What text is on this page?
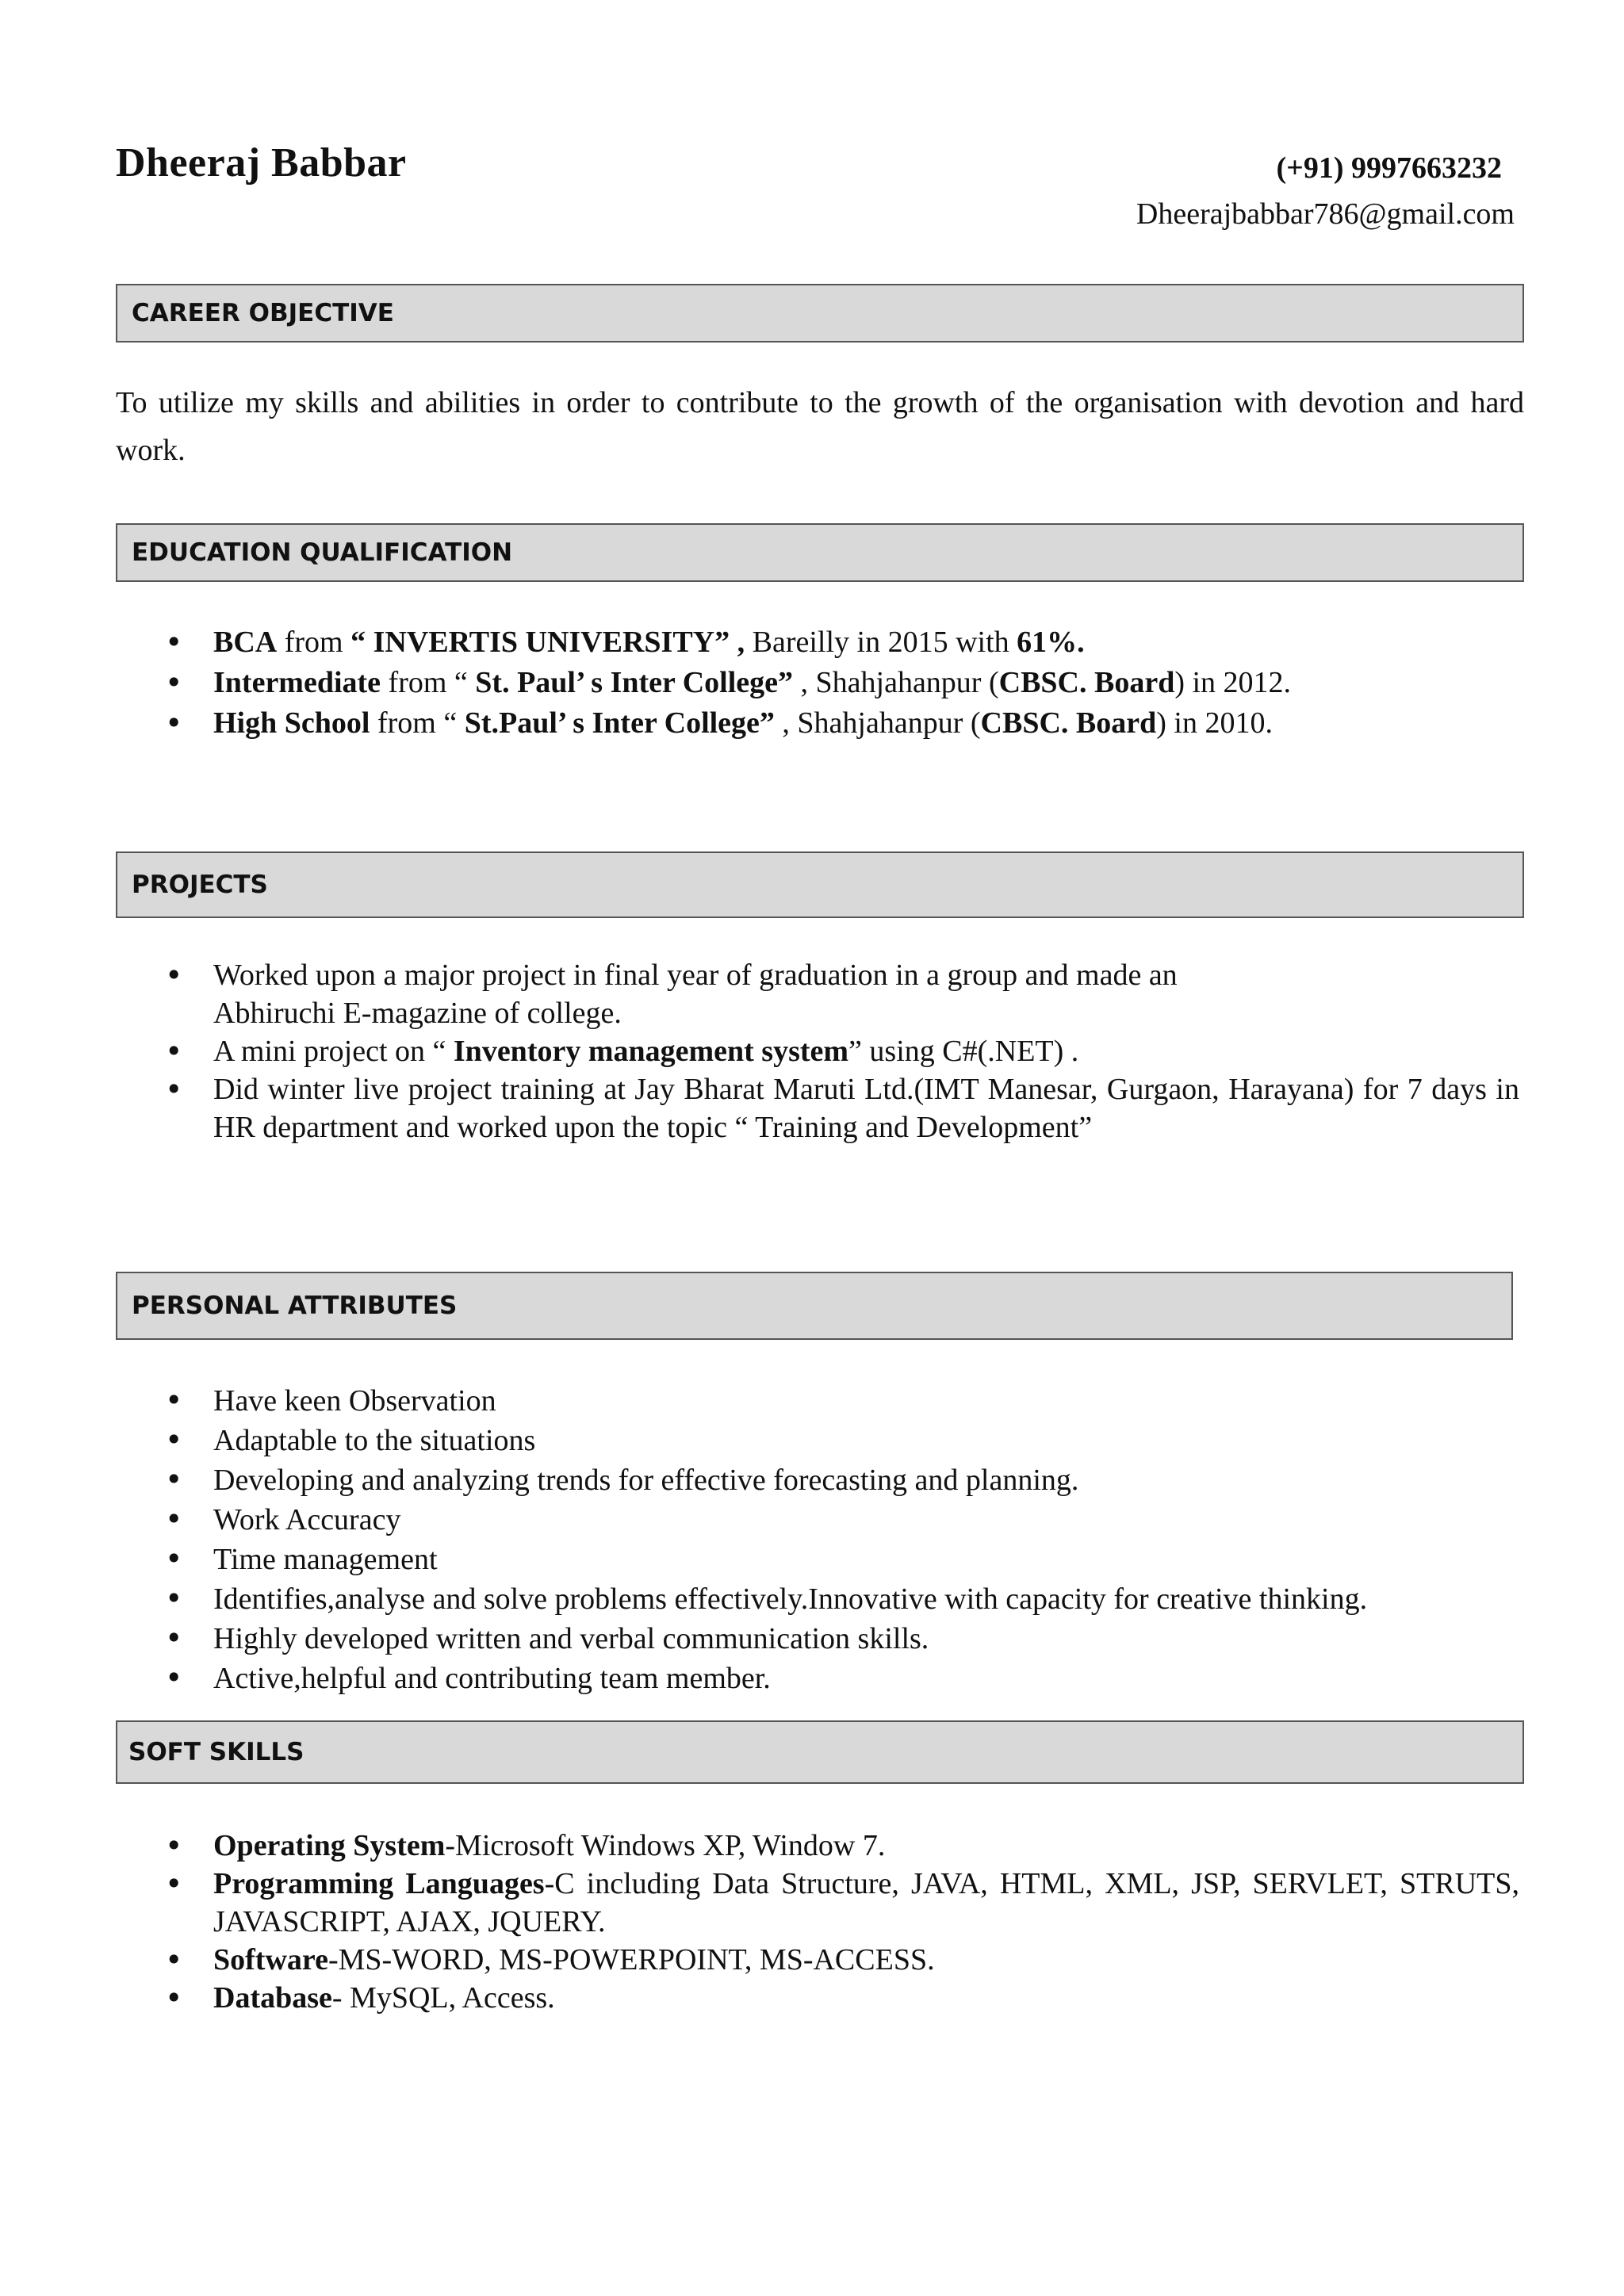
Dheeraj Babbar	(+91) 9997663232
Dheerajbabbar786@gmail.com
CAREER OBJECTIVE

To utilize my skills and abilities in order to contribute to the growth of the organisation with devotion and hard work.

EDUCATION QUALIFICATION
• BCA from “ INVERTIS UNIVERSITY” , Bareilly in 2015 with 61%.
• Intermediate from “ St. Paul’ s Inter College” , Shahjahanpur (CBSC. Board) in 2012.
• High School from “ St.Paul’ s Inter College” , Shahjahanpur (CBSC. Board) in 2010.
PROJECTS
• Worked upon a major project in final year of graduation in a group and made an
Abhiruchi E-magazine of college.
• A mini project on “ Inventory management system” using C#(.NET) .
• Did winter live project training at Jay Bharat Maruti Ltd.(IMT Manesar, Gurgaon, Harayana) for 7 days in HR department and worked upon the topic “ Training and Development”
PERSONAL ATTRIBUTES
• Have keen Observation
• Adaptable to the situations
• Developing and analyzing trends for effective forecasting and planning.
• Work Accuracy
• Time management
• Identifies,analyse and solve problems effectively.Innovative with capacity for creative thinking.
• Highly developed written and verbal communication skills.
• Active,helpful and contributing team member.
SOFT SKILLS
• Operating System-Microsoft Windows XP, Window 7.
• Programming Languages-C including Data Structure, JAVA, HTML, XML, JSP, SERVLET, STRUTS, JAVASCRIPT, AJAX, JQUERY.
• Software-MS-WORD, MS-POWERPOINT, MS-ACCESS.
• Database- MySQL, Access.
